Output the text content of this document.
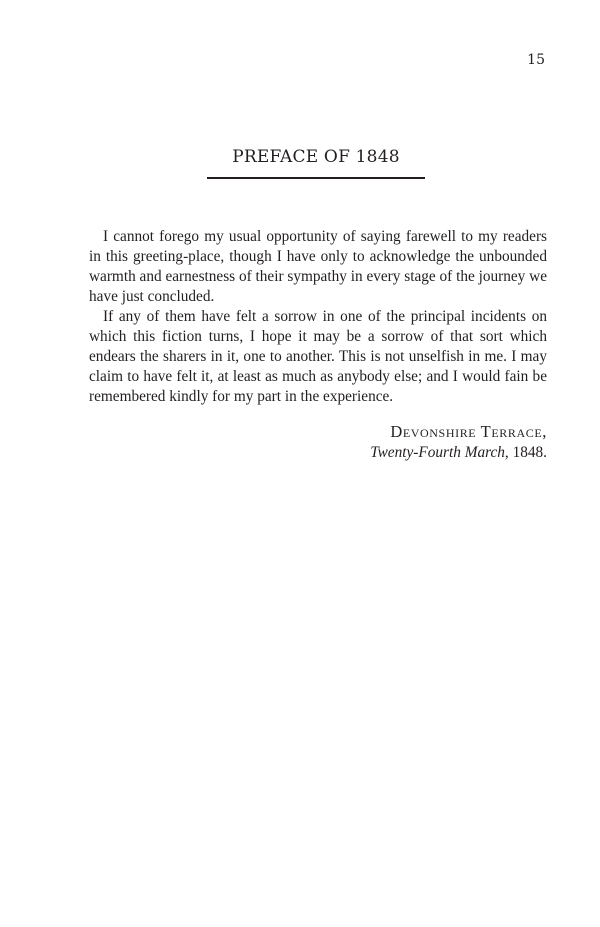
15
PREFACE OF 1848

I cannot forego my usual opportunity of saying farewell to my readers in this greeting-place, though I have only to acknowledge the unbounded warmth and earnestness of their sympathy in every stage of the journey we have just concluded.

If any of them have felt a sorrow in one of the principal incidents on which this fiction turns, I hope it may be a sorrow of that sort which endears the sharers in it, one to another. This is not unselfish in me. I may claim to have felt it, at least as much as anybody else; and I would fain be remembered kindly for my part in the experience.

Devonshire Terrace,
Twenty-Fourth March, 1848.
